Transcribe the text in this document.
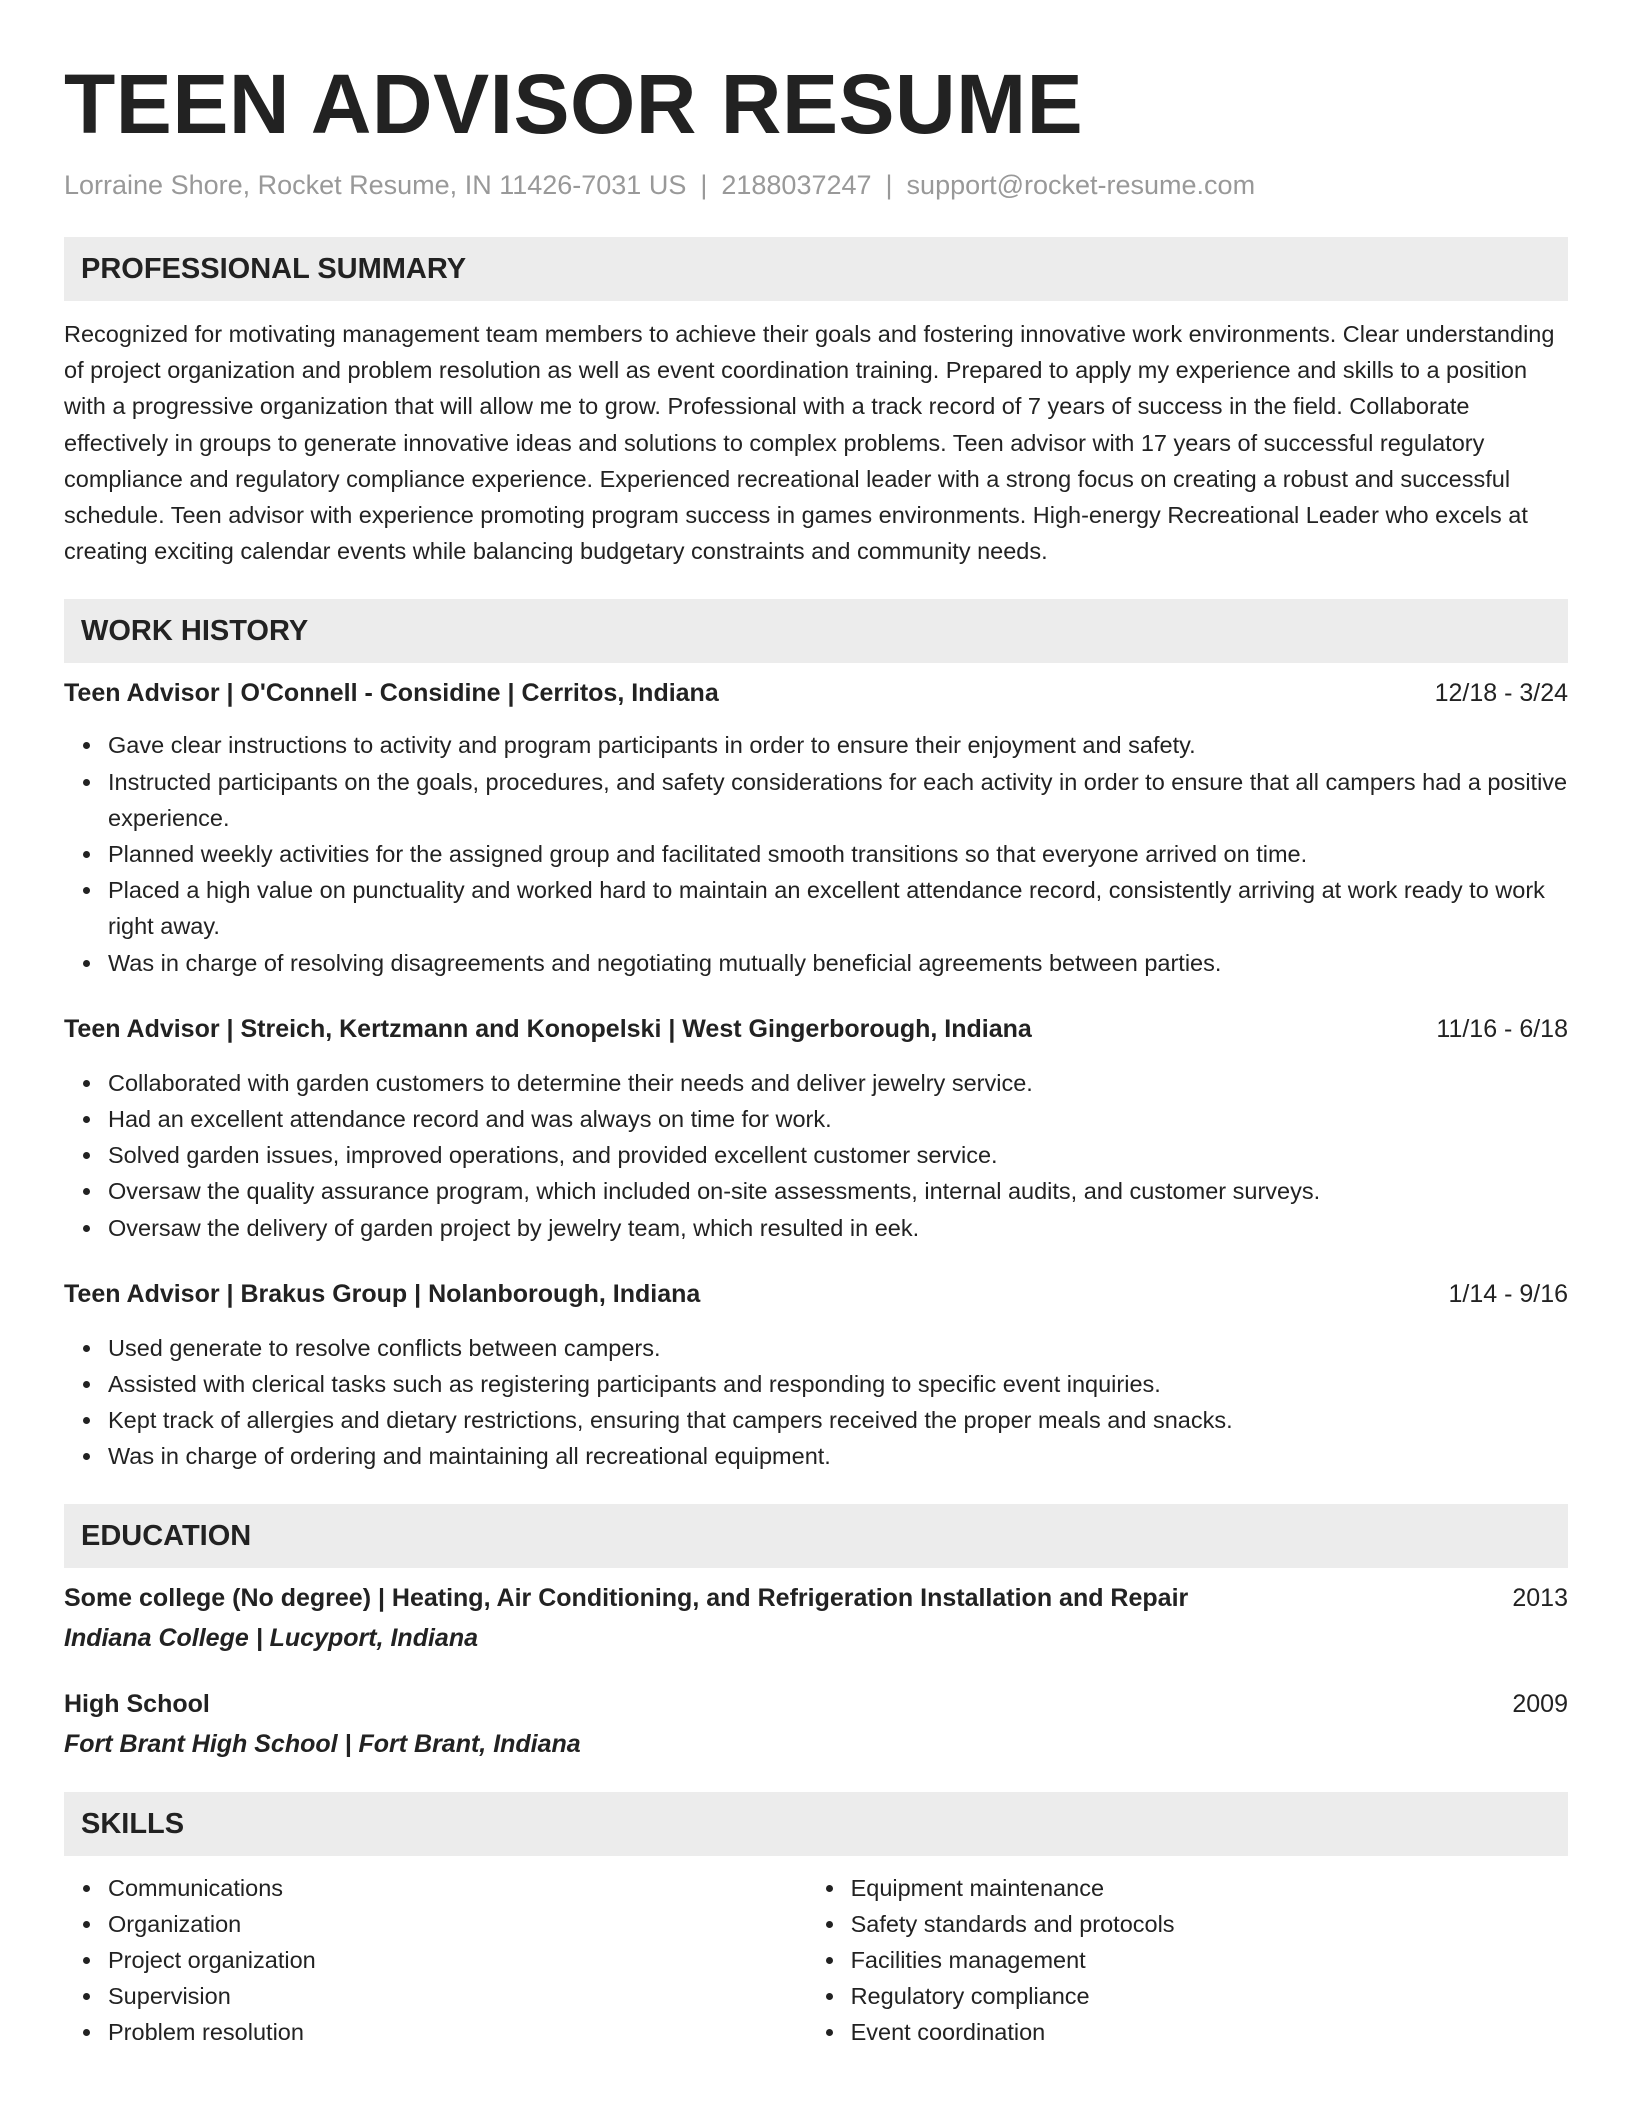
TEEN ADVISOR RESUME
Lorraine Shore, Rocket Resume, IN 11426-7031 US | 2188037247 | support@rocket-resume.com
PROFESSIONAL SUMMARY

Recognized for motivating management team members to achieve their goals and fostering innovative work environments. Clear understanding of project organization and problem resolution as well as event coordination training. Prepared to apply my experience and skills to a position with a progressive organization that will allow me to grow. Professional with a track record of 7 years of success in the field. Collaborate effectively in groups to generate innovative ideas and solutions to complex problems. Teen advisor with 17 years of successful regulatory compliance and regulatory compliance experience. Experienced recreational leader with a strong focus on creating a robust and successful schedule. Teen advisor with experience promoting program success in games environments. High-energy Recreational Leader who excels at creating exciting calendar events while balancing budgetary constraints and community needs.

WORK HISTORY
Teen Advisor | O'Connell - Considine | Cerritos, Indiana	12/18 - 3/24
Gave clear instructions to activity and program participants in order to ensure their enjoyment and safety.
Instructed participants on the goals, procedures, and safety considerations for each activity in order to ensure that all campers had a positive experience.
Planned weekly activities for the assigned group and facilitated smooth transitions so that everyone arrived on time.
Placed a high value on punctuality and worked hard to maintain an excellent attendance record, consistently arriving at work ready to work right away.
Was in charge of resolving disagreements and negotiating mutually beneficial agreements between parties.
Teen Advisor | Streich, Kertzmann and Konopelski | West Gingerborough, Indiana	11/16 - 6/18
Collaborated with garden customers to determine their needs and deliver jewelry service.
Had an excellent attendance record and was always on time for work.
Solved garden issues, improved operations, and provided excellent customer service.
Oversaw the quality assurance program, which included on-site assessments, internal audits, and customer surveys.
Oversaw the delivery of garden project by jewelry team, which resulted in eek.
Teen Advisor | Brakus Group | Nolanborough, Indiana	1/14 - 9/16
Used generate to resolve conflicts between campers.
Assisted with clerical tasks such as registering participants and responding to specific event inquiries.
Kept track of allergies and dietary restrictions, ensuring that campers received the proper meals and snacks.
Was in charge of ordering and maintaining all recreational equipment.
EDUCATION
Some college (No degree) | Heating, Air Conditioning, and Refrigeration Installation and Repair	2013
Indiana College | Lucyport, Indiana
High School	2009
Fort Brant High School | Fort Brant, Indiana
SKILLS
Communications
Organization
Project organization
Supervision
Problem resolution
Equipment maintenance
Safety standards and protocols
Facilities management
Regulatory compliance
Event coordination
